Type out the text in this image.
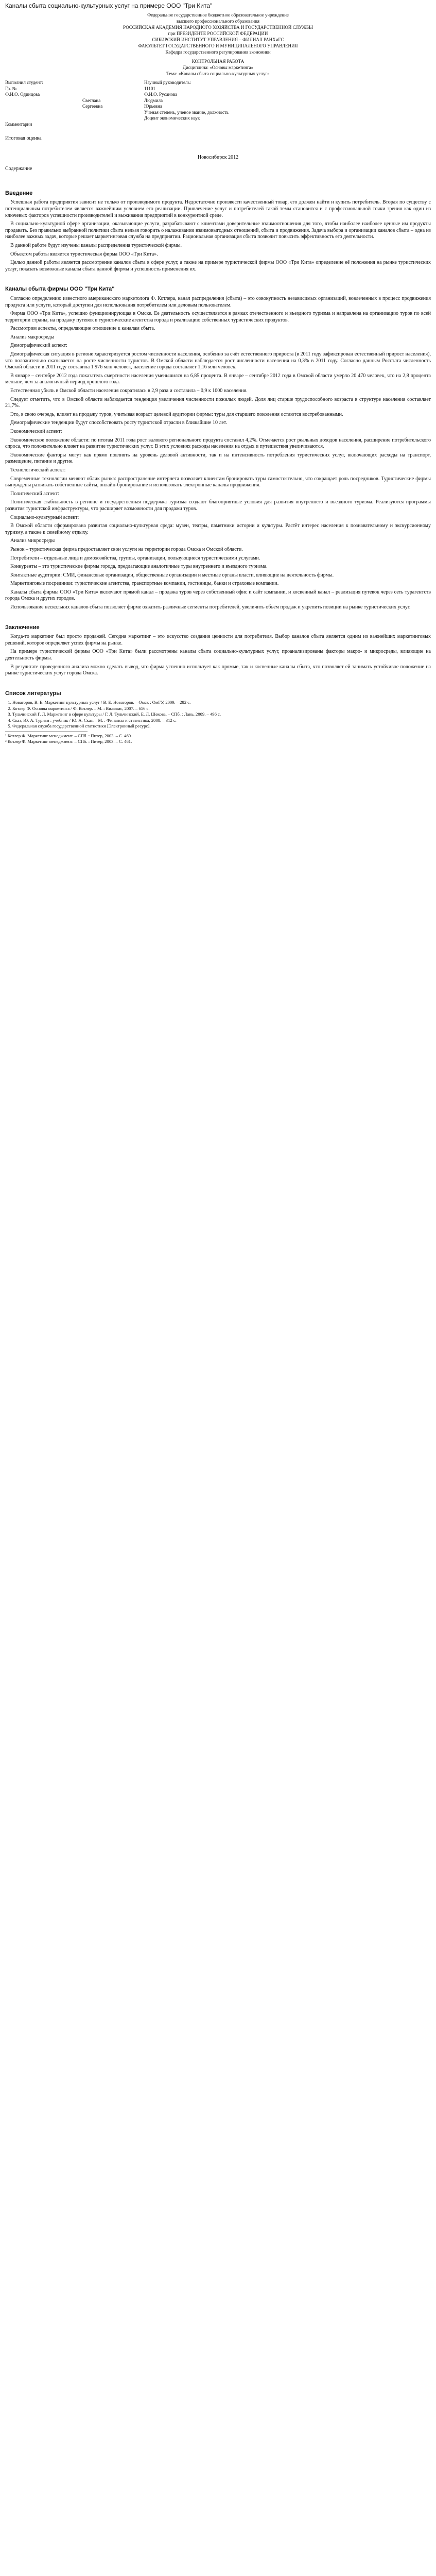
Каналы сбыта социально-культурных услуг на примере ООО "Три Кита"
Федеральное государственное бюджетное образовательное учреждение
высшего профессионального образования
РОССИЙСКАЯ АКАДЕМИЯ НАРОДНОГО ХОЗЯЙСТВА И ГОСУДАРСТВЕННОЙ СЛУЖБЫ
при ПРЕЗИДЕНТЕ РОССИЙСКОЙ ФЕДЕРАЦИИ
СИБИРСКИЙ ИНСТИТУТ УПРАВЛЕНИЯ – ФИЛИАЛ РАНХиГС
ФАКУЛЬТЕТ ГОСУДАРСТВЕННОГО И МУНИЦИПАЛЬНОГО УПРАВЛЕНИЯ
Кафедра государственного регулирования экономики
КОНТРОЛЬНАЯ РАБОТА
Дисциплина: «Основы маркетинга»
Тема: «Каналы сбыта социально-культурных услуг»
Выполнил студент:		Научный руководитель:
Гр. №		11101
Ф.И.О. Одинцова		Ф.И.О. Русанова
	Светлана	Людмила
	Сергеевна	Юрьевна
		Ученая степень, ученое звание, должность
		Доцент экономических наук
Комментарии		
Итоговая оценка
Новосибирск 2012
Содержание
Введение

Успешная работа предприятия зависит не только от производимого продукта. Недостаточно произвести качественный товар, его должен найти и купить потребитель. Вторая по существу с потенциальным потребителем является важнейшим условием его реализации. Привлечение услуг и потребителей такой темы становится и с профессиональной точки зрения как один из ключевых факторов успешности производителей и выживания предприятий в конкурентной среде.

В социально-культурной сфере организации, оказывающие услуги, разрабатывают с клиентами доверительные взаимоотношения для того, чтобы наиболее наиболее ценные им продукты продавать. Без правильно выбранной политики сбыта нельзя говорить о налаживании взаимовыгодных отношений, сбыта и продвижения. Задача выбора и организации каналов сбыта – одна из наиболее важных задач, которые решает маркетинговая служба на предприятии. Рациональная организация сбыта позволит повысить эффективность его деятельности.

В данной работе будут изучены каналы распределения туристической фирмы.

Объектом работы является туристическая фирма ООО «Три Кита».

Целью данной работы является рассмотрение каналов сбыта в сфере услуг, а также на примере туристической фирмы ООО «Три Кита» определение её положения на рынке туристических услуг, показать возможные каналы сбыта данной фирмы и успешность применения их.

Каналы сбыта фирмы ООО "Три Кита"

Согласно определению известного американского маркетолога Ф. Котлера, канал распределения (сбыта) – это совокупность независимых организаций, вовлеченных в процесс продвижения продукта или услуги, который доступен для использования потребителем или деловым пользователем.

Фирма ООО «Три Кита», успешно функционирующая в Омске. Ее деятельность осуществляется в рамках отечественного и въездного туризма и направлена на организацию туров по всей территории страны, на продажу путевок в туристические агентства города и реализацию собственных туристических продуктов.

Рассмотрим аспекты, определяющие отношение к каналам сбыта.

Анализ макросреды

Демографический аспект:

Демографическая ситуация в регионе характеризуется ростом численности населения, особенно за счёт естественного прироста (в 2011 году зафиксирован естественный прирост населения), что положительно сказывается на росте численности туристов. В Омской области наблюдается рост численности населения на 0,3% в 2011 году. Согласно данным Росстата численность Омской области в 2011 году составила 1 976 млн человек, население города составляет 1,16 млн человек.

В январе – сентябре 2012 года показатель смертности населения уменьшился на 6,85 процента. В январе – сентябре 2012 года в Омской области умерло 20 470 человек, что на 2,8 процента меньше, чем за аналогичный период прошлого года.

Естественная убыль в Омской области населения сократилась в 2,9 раза и составила – 0,9 к 1000 населения.

Следует отметить, что в Омской области наблюдается тенденция увеличения численности пожилых людей. Доля лиц старше трудоспособного возраста в структуре населения составляет 21,7%.

Это, в свою очередь, влияет на продажу туров, учитывая возраст целевой аудитории фирмы: туры для старшего поколения остаются востребованными.

Демографические тенденции будут способствовать росту туристской отрасли в ближайшие 10 лет.

Экономический аспект:

Экономическое положение области: по итогам 2011 года рост валового регионального продукта составил 4,2%. Отмечается рост реальных доходов населения, расширение потребительского спроса, что положительно влияет на развитие туристических услуг. В этих условиях расходы населения на отдых и путешествия увеличиваются.

Экономические факторы могут как прямо повлиять на уровень деловой активности, так и на интенсивность потребления туристических услуг, включающих расходы на транспорт, размещение, питание и другие.

Технологический аспект:

Современные технологии меняют облик рынка: распространение интернета позволяет клиентам бронировать туры самостоятельно, что сокращает роль посредников. Туристические фирмы вынуждены развивать собственные сайты, онлайн-бронирование и использовать электронные каналы продвижения.

Политический аспект:

Политическая стабильность в регионе и государственная поддержка туризма создают благоприятные условия для развития внутреннего и въездного туризма. Реализуются программы развития туристской инфраструктуры, что расширяет возможности для продажи туров.

Социально-культурный аспект:

В Омской области сформирована развитая социально-культурная среда: музеи, театры, памятники истории и культуры. Растёт интерес населения к познавательному и экскурсионному туризму, а также к семейному отдыху.

Анализ микросреды

Рынок – туристическая фирма предоставляет свои услуги на территории города Омска и Омской области.

Потребители – отдельные лица и домохозяйства, группы, организации, пользующиеся туристическими услугами.

Конкуренты – это туристические фирмы города, предлагающие аналогичные туры внутреннего и въездного туризма.

Контактные аудитории: СМИ, финансовые организации, общественные организации и местные органы власти, влияющие на деятельность фирмы.

Маркетинговые посредники: туристические агентства, транспортные компании, гостиницы, банки и страховые компании.

Каналы сбыта фирмы ООО «Три Кита» включают прямой канал – продажа туров через собственный офис и сайт компании, и косвенный канал – реализация путевок через сеть турагентств города Омска и других городов.

Использование нескольких каналов сбыта позволяет фирме охватить различные сегменты потребителей, увеличить объём продаж и укрепить позиции на рынке туристических услуг.

Заключение

Когда-то маркетинг был просто продажей. Сегодня маркетинг – это искусство создания ценности для потребителя. Выбор каналов сбыта является одним из важнейших маркетинговых решений, которое определяет успех фирмы на рынке.

На примере туристической фирмы ООО «Три Кита» были рассмотрены каналы сбыта социально-культурных услуг, проанализированы факторы макро- и микросреды, влияющие на деятельность фирмы.

В результате проведенного анализа можно сделать вывод, что фирма успешно использует как прямые, так и косвенные каналы сбыта, что позволяет ей занимать устойчивое положение на рынке туристических услуг города Омска.

Список литературы
1. Новаторов, В. Е. Маркетинг культурных услуг / В. Е. Новаторов. – Омск : ОмГУ, 2009. – 282 с.
2. Котлер Ф. Основы маркетинга / Ф. Котлер. – М. : Вильямс, 2007. – 656 с.
3. Тульчинский Г. Л. Маркетинг в сфере культуры / Г. Л. Тульчинский, Е. Л. Шекова. – СПб. : Лань, 2009. – 496 с.
4. Сказ, Ю. А. Туризм : учебник / Ю. А. Сказ. – М. : Финансы и статистика, 2008. – 312 с.
5. Федеральная служба государственной статистики [Электронный ресурс].

¹ Котлер Ф. Маркетинг менеджмент. – СПб. : Питер, 2003. – С. 460.

² Котлер Ф. Маркетинг менеджмент. – СПб. : Питер, 2003. – С. 461.
